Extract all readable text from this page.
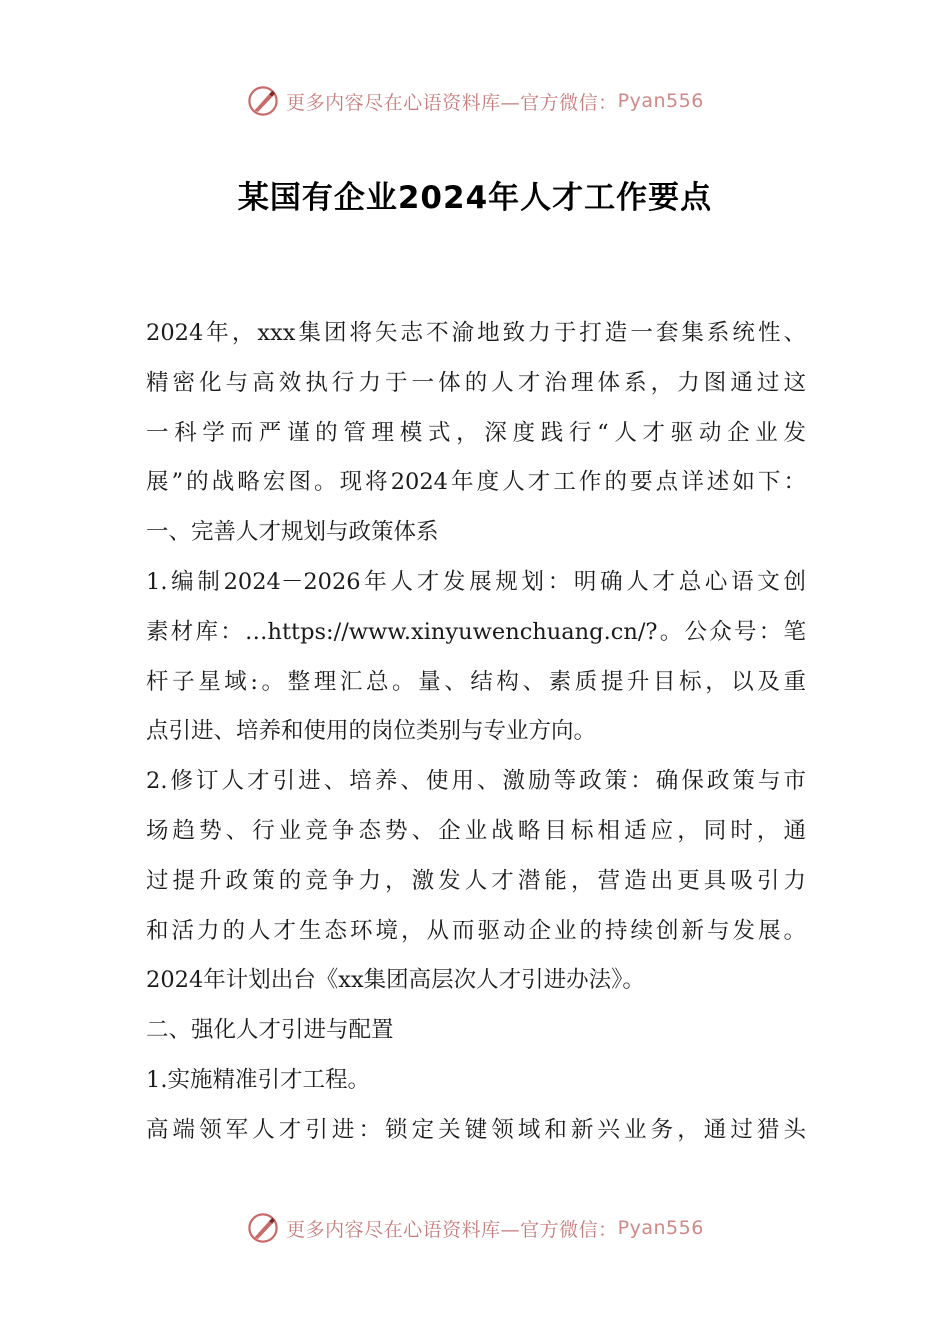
更多内容尽在心语资料库—官方微信： Pyan556
某国有企业2024年人才工作要点
2024年，xxx集团将矢志不渝地致力于打造一套集系统性、
精密化与高效执行力于一体的人才治理体系，力图通过这
一科学而严谨的管理模式，深度践行“人才驱动企业发
展”的战略宏图。现将2024年度人才工作的要点详述如下：
一、完善人才规划与政策体系
1.编制2024－2026年人才发展规划：明确人才总心语文创
素材库：…https://www.xinyuwenchuang.cn/?。公众号：笔
杆子星域:。整理汇总。量、结构、素质提升目标，以及重
点引进、培养和使用的岗位类别与专业方向。
2.修订人才引进、培养、使用、激励等政策：确保政策与市
场趋势、行业竞争态势、企业战略目标相适应，同时，通
过提升政策的竞争力，激发人才潜能，营造出更具吸引力
和活力的人才生态环境，从而驱动企业的持续创新与发展。
2024年计划出台《xx集团高层次人才引进办法》。
二、强化人才引进与配置
1.实施精准引才工程。
高端领军人才引进：锁定关键领域和新兴业务，通过猎头
更多内容尽在心语资料库—官方微信： Pyan556
